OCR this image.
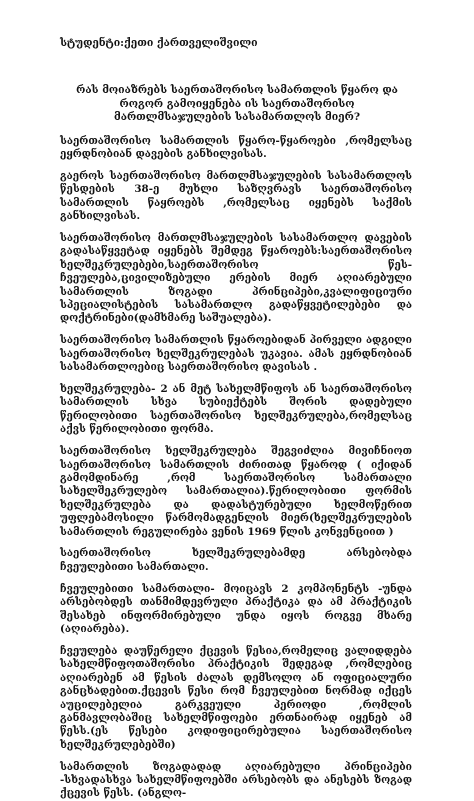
სტუდენტი:ქეთი ქართველიშვილი

რას მოიაზრებს საერთაშორისო სამართლის წყარო და როგორ გამოიყენება ის საერთაშორისო მართლმსაჯულების სასამართლოს მიერ?

საერთაშორისო სამართლის წყარო-წყაროები ,რომელსაც ეყრდნობიან დავების განხილვისას.

გაეროს საერთაშორისო მართლმსაჯულების სასამართლოს წესდების 38-ე მუხლი საზღვრავს საერთაშორისო სამართლის წაყროებს ,რომელსაც იყენებს საქმის განხილვისას.

საერთაშორისო მართლმსაჯულების სასამართლო დავების გადასაწყვეტად იყენებს შემდეგ წყაროებს:საერთაშორისო ხელშეკრულებები,საერთაშორისო წეს-ჩვეულება,ცივილიზებული ერების მიერ აღიარებული სამართლის ზოგადი პრინციპები,კვალიფიციური სპეციალისტების სასამართლო გადაწყვეტილებები და დოქტრინები(დამხმარე საშუალება).

საერთაშორისო სამართლის წყაროებიდან პირველი ადგილი საერთაშორისო ხელშეკრულებას უკავია. ამას ეყრდნობიან სასამართლოებიც საერთაშორისო დავისას .

ხელშეკრულება- 2 ან მეტ სახელმწიფოს ან საერთაშორისო სამართლის სხვა სუბიექტებს შორის დადებული წერილობითი საერთაშორისო ხელშეკრულება,რომელსაც აქვს წერილობითი ფორმა.

საერთაშორისო ხელშეკრულება შეგვიძლია მივიჩნიოთ საერთაშორისო სამართლის ძირითად წყაროდ ( იქიდან გამომდინარე ,რომ საერთაშორისო სამართალი სახელშეკრულებო სამართალია).წერილობითი ფორმის ხელშეკრულება და დადასტურებული ხელმოწერით უფლებამოსილი წარმომადგენლის მიერ(ხელშეკრულების სამართლის რეგულირება ვენის 1969 წლის კონვენციით )

საერთაშორისო ხელშეკრულებამდე არსებობდა ჩვეულებითი სამართალი.

ჩვეულებითი სამართალი- მოიცავს 2 კომპონენტს -უნდა არსებობდეს თანმიმდევრული პრაქტიკა და ამ პრაქტიკის შესახებ ინფორმირებული უნდა იყოს როგვე მხარე (აღიარება).

ჩვეულება დაუწერელი ქცევის წესია,რომელიც ვალიდდება სახელმწიფოთაშორისი პრაქტიკის შედეგად ,რომლებიც აღიარებენ ამ წესის ძალას დემსოლო ან ოფიციალური განცხადებით.ქცევის წესი რომ ჩვეულებით ნორმად იქცეს აუცილებელია გარკვეული პერიოდი ,რომლის განმავლობაშიც სახელმწიფოები ერთნაირად იყენებ ამ წესს.(ეს წესები კოდიფიცირებულია საერთაშორისო ხელშეკრულებებში)

სამართლის ზოგადადად აღიარებული პრინციპები -სხვადასხვა სახელმწიფოებში არსებობს და ანესებს ზოგად ქცევის წესს. (ანგლო-
